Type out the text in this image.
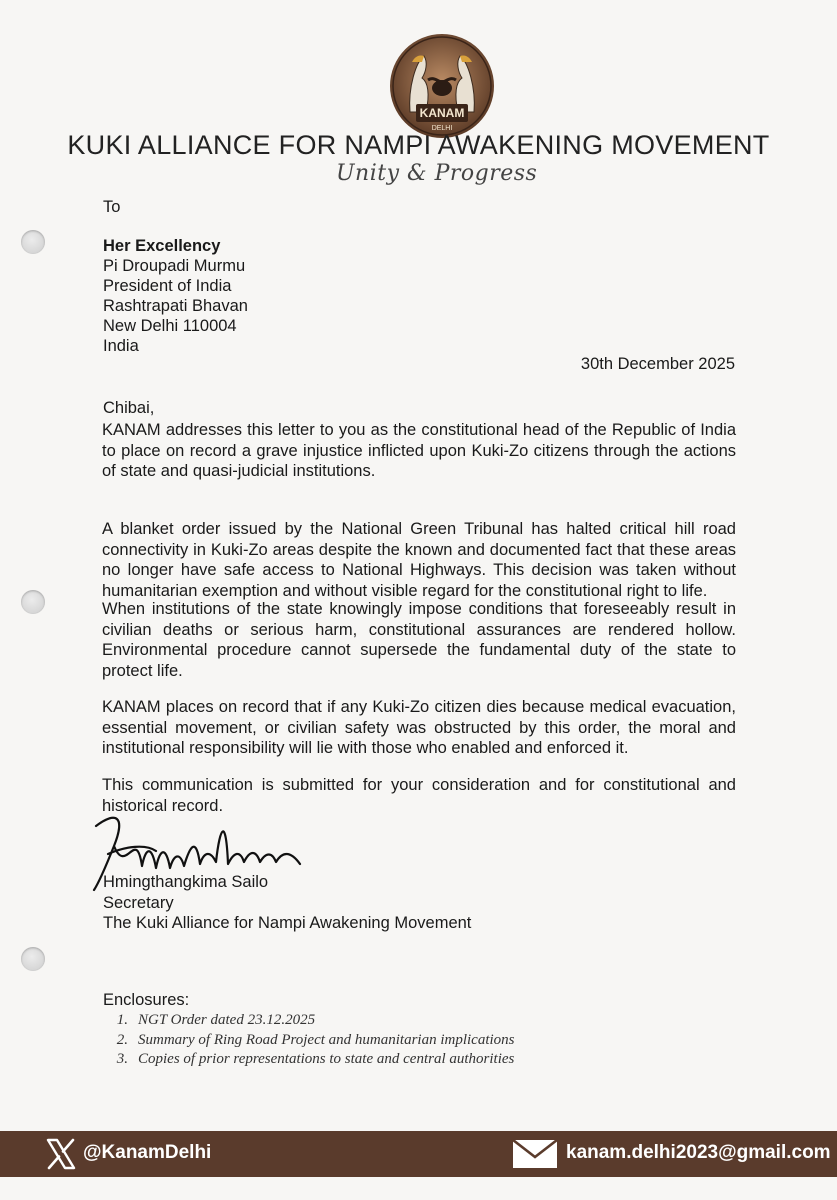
KANAM
DELHI
KUKI ALLIANCE FOR NAMPI AWAKENING MOVEMENT
Unity & Progress
To
Her Excellency
Pi Droupadi Murmu
President of India
Rashtrapati Bhavan
New Delhi 110004
India
30th December 2025
Chibai,
KANAM addresses this letter to you as the constitutional head of the Republic of India to place on record a grave injustice inflicted upon Kuki-Zo citizens through the actions of state and quasi-judicial institutions.
A blanket order issued by the National Green Tribunal has halted critical hill road connectivity in Kuki-Zo areas despite the known and documented fact that these areas no longer have safe access to National Highways. This decision was taken without humanitarian exemption and without visible regard for the constitutional right to life.
When institutions of the state knowingly impose conditions that foreseeably result in civilian deaths or serious harm, constitutional assurances are rendered hollow. Environmental procedure cannot supersede the fundamental duty of the state to protect life.
KANAM places on record that if any Kuki-Zo citizen dies because medical evacuation, essential movement, or civilian safety was obstructed by this order, the moral and institutional responsibility will lie with those who enabled and enforced it.
This communication is submitted for your consideration and for constitutional and historical record.
Hmingthangkima Sailo
Secretary
The Kuki Alliance for Nampi Awakening Movement
Enclosures:
1. NGT Order dated 23.12.2025
2. Summary of Ring Road Project and humanitarian implications
3. Copies of prior representations to state and central authorities
@KanamDelhi	kanam.delhi2023@gmail.com
